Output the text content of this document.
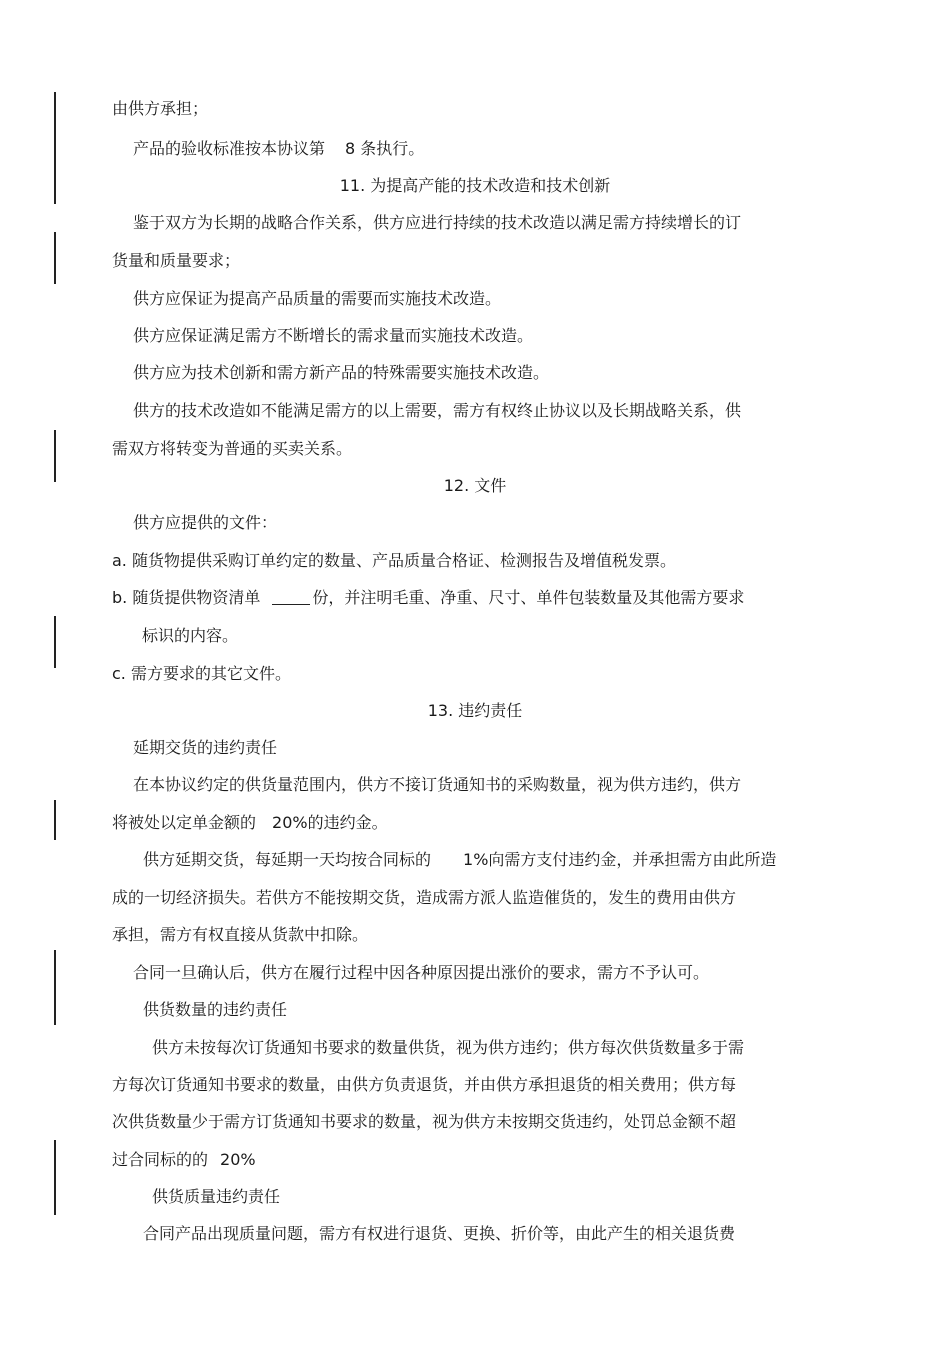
由供方承担；
产品的验收标准按本协议第 8 条执行。
11. 为提高产能的技术改造和技术创新
鉴于双方为长期的战略合作关系，供方应进行持续的技术改造以满足需方持续增长的订
货量和质量要求；
供方应保证为提高产品质量的需要而实施技术改造。
供方应保证满足需方不断增长的需求量而实施技术改造。
供方应为技术创新和需方新产品的特殊需要实施技术改造。
供方的技术改造如不能满足需方的以上需要，需方有权终止协议以及长期战略关系，供
需双方将转变为普通的买卖关系。
12. 文件
供方应提供的文件：
a. 随货物提供采购订单约定的数量、产品质量合格证、检测报告及增值税发票。
b. 随货提供物资清单	份，并注明毛重、净重、尺寸、单件包装数量及其他需方要求
标识的内容。
c. 需方要求的其它文件。
13. 违约责任
延期交货的违约责任
在本协议约定的供货量范围内，供方不接订货通知书的采购数量，视为供方违约，供方
将被处以定单金额的 20%的违约金。
供方延期交货，每延期一天均按合同标的 1%向需方支付违约金，并承担需方由此所造
成的一切经济损失。若供方不能按期交货，造成需方派人监造催货的，发生的费用由供方
承担，需方有权直接从货款中扣除。
合同一旦确认后，供方在履行过程中因各种原因提出涨价的要求，需方不予认可。
供货数量的违约责任
供方未按每次订货通知书要求的数量供货，视为供方违约；供方每次供货数量多于需
方每次订货通知书要求的数量，由供方负责退货，并由供方承担退货的相关费用；供方每
次供货数量少于需方订货通知书要求的数量，视为供方未按期交货违约，处罚总金额不超
过合同标的的 20%
供货质量违约责任
合同产品出现质量问题，需方有权进行退货、更换、折价等，由此产生的相关退货费
